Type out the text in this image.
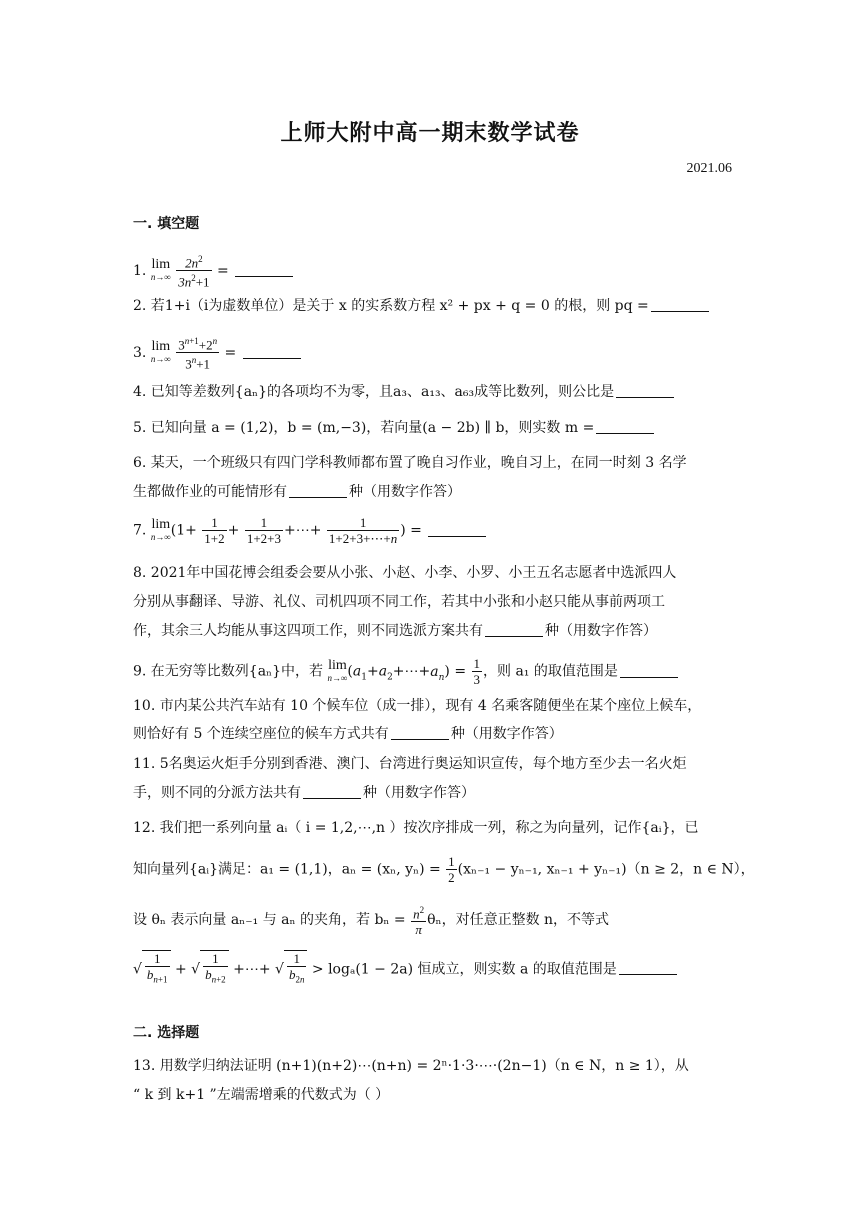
上师大附中高一期末数学试卷
2021.06
一. 填空题
1. lim
n→∞
$\frac{2n^2}{3n^2+1}$ =
2. 若1+i（i为虚数单位）是关于 x 的实系数方程 x² + px + q = 0 的根，则 pq =
3. lim
n→∞
$\frac{3^{n+1}+2^n}{3^n+1}$ =
4. 已知等差数列{aₙ}的各项均不为零，且a₃、a₁₃、a₆₃成等比数列，则公比是
5. 已知向量 a = (1,2)，b = (m,−3)，若向量(a − 2b) ∥ b，则实数 m =
6. 某天，一个班级只有四门学科教师都布置了晚自习作业，晚自习上，在同一时刻 3 名学
生都做作业的可能情形有	种（用数字作答）
7. lim
n→∞ ($1+ \frac{1}{1+2} + \frac{1}{1+2+3}$ +⋯+ $\frac{1}{1+2+3+\cdots+n}$ ) =
8. 2021年中国花博会组委会要从小张、小赵、小李、小罗、小王五名志愿者中选派四人
分别从事翻译、导游、礼仪、司机四项不同工作，若其中小张和小赵只能从事前两项工
作，其余三人均能从事这四项工作，则不同选派方案共有	种（用数字作答）
9. 在无穷等比数列{aₙ}中，若 lim
n→∞ $(a_1+a_2+\cdots+a_n) = \frac{1}{3}$ ，则 a₁ 的取值范围是
10. 市内某公共汽车站有 10 个候车位（成一排），现有 4 名乘客随便坐在某个座位上候车，
则恰好有 5 个连续空座位的候车方式共有	种（用数字作答）
11. 5名奥运火炬手分别到香港、澳门、台湾进行奥运知识宣传，每个地方至少去一名火炬
手，则不同的分派方法共有	种（用数字作答）
12. 我们把一系列向量 aᵢ（ i = 1,2,⋯,n ）按次序排成一列，称之为向量列，记作{aᵢ}，已
知向量列{aᵢ}满足：a₁ = (1,1)，aₙ = (xₙ, $y_n) = \frac{1}{2} (x_{n-1} - y_{n-1}$, xₙ₋₁ + yₙ₋₁)（n ≥ 2，n ∈ N），
设 θₙ 表示向量 aₙ₋₁ 与 aₙ 的夹角，若 $b_n = \frac{n^2}{\pi}$ θₙ，对任意正整数 n，不等式
√ $\frac{1}{b_{n+1}}$ + √ $\frac{1}{b_{n+2}}$ +⋯+ √ $\frac{1}{b_{2n}} > \log_a(1 - 2a)$ 恒成立，则实数 a 的取值范围是
二. 选择题
13. 用数学归纳法证明 (n+1)(n+2)⋯(n+n) = 2ⁿ·1·3·⋯·(2n−1)（n ∈ N，n ≥ 1），从
“ k 到 k+1 ”左端需增乘的代数式为（ ）
